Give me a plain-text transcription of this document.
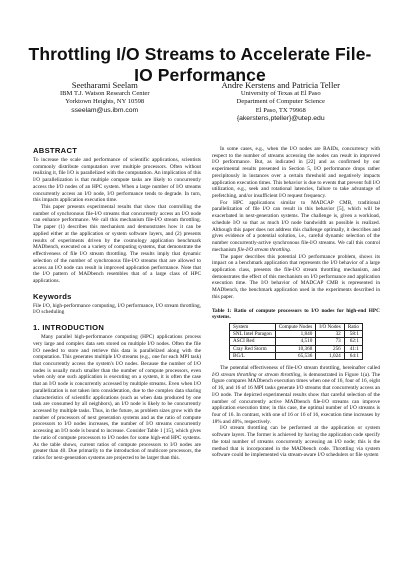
Throttling I/O Streams to Accelerate File-IO Performance
Seetharami Seelam
IBM T.J. Watson Research Center
Yorktown Heights, NY 10598
sseelam@us.ibm.com
Andre Kerstens and Patricia Teller
University of Texas at El Paso
Department of Computer Science
El Paso, TX 79968
{akerstens,pteller}@utep.edu
ABSTRACT

To increase the scale and performance of scientific applications, scientists commonly distribute computation over multiple processors. Often without realizing it, file I/O is parallelized with the computation. An implication of this I/O parallelization is that multiple compute tasks are likely to concurrently access the I/O nodes of an HPC system. When a large number of I/O streams concurrently access an I/O node, I/O performance tends to degrade. In turn, this impacts application execution time.

This paper presents experimental results that show that controlling the number of synchronous file-I/O streams that concurrently access an I/O node can enhance performance. We call this mechanism file-I/O stream throttling. The paper (1) describes this mechanism and demonstrates how it can be applied either at the application or system software layers, and (2) presents results of experiments driven by the cosmology application benchmark MADbench, executed on a variety of computing systems, that demonstrate the effectiveness of file I/O stream throttling. The results imply that dynamic selection of the number of synchronous file-I/O streams that are allowed to access an I/O node can result in improved application performance. Note that the I/O pattern of MADbench resembles that of a large class of HPC applications.

Keywords

File I/O, high-performance computing, I/O performance, I/O stream throttling, I/O scheduling

1. INTRODUCTION

Many parallel high-performance computing (HPC) applications process very large and complex data sets stored on multiple I/O nodes. Often the file I/O needed to store and retrieve this data is parallelized along with the computation. This generates multiple I/O streams (e.g., one for each MPI task) that concurrently access the system's I/O nodes. Because the number of I/O nodes is usually much smaller than the number of compute processors, even when only one such application is executing on a system, it is often the case that an I/O node is concurrently accessed by multiple streams. Even when I/O parallelization is not taken into consideration, due to the complex data sharing characteristics of scientific applications (such as when data produced by one task are consumed by all neighbors), an I/O node is likely to be concurrently accessed by multiple tasks. Thus, in the future, as problem sizes grow with the number of processors of next generation systems and as the ratio of compute processors to I/O nodes increases, the number of I/O streams concurrently accessing an I/O node is bound to increase. Consider Table 1 [15], which gives the ratio of compute processors to I/O nodes for some high-end HPC systems. As the table shows, current ratios of compute processors to I/O nodes are greater than 40. Due primarily to the introduction of multicore processors, the ratios for next-generation systems are projected to be larger than this.

In some cases, e.g., when the I/O nodes are RAIDs, concurrency with respect to the number of streams accessing the nodes can result in improved I/O performance. But, as indicated in [22] and as confirmed by our experimental results presented in Section 5, I/O performance drops rather precipitously in instances over a certain threshold and negatively impacts application execution times. This behavior is due to events that prevent full I/O utilization, e.g., seek and rotational latencies, failure to take advantage of prefetching, and/or insufficient I/O request frequency.

For HPC applications similar to MADCAP CMB, traditional parallelization of file I/O can result in this behavior [5], which will be exacerbated in next-generation systems. The challenge is, given a workload, schedule I/O so that as much I/O node bandwidth as possible is realized. Although this paper does not address this challenge optimally, it describes and gives evidence of a potential solution, i.e., careful dynamic selection of the number concurrently-active synchronous file-I/O streams. We call this control mechanism file-I/O stream throttling.

The paper describes this potential I/O performance problem, shows its impact on a benchmark application that represents the I/O behavior of a large application class, presents the file-I/O stream throttling mechanism, and demonstrates the effect of this mechanism on I/O performance and application execution time. The I/O behavior of MADCAP CMB is represented in MADbench, the benchmark application used in the experiments described in this paper.

Table 1: Ratio of compute processors to I/O nodes for high-end HPC systems.
System	Compute Nodes	I/O Nodes	Ratio
SNL Intel Paragon	1,840	32	58:1
ASCI Red	4,510	73	62:1
Cray Red Storm	10,368	256	41:1
BG/L	65,536	1,024	64:1

The potential effectiveness of file-I/O stream throttling, hereinafter called I/O stream throttling or stream throttling, is demonstrated in Figure 1(a). The figure compares MADbench execution times when one of 16, four of 16, eight of 16, and 16 of 16 MPI tasks generate I/O streams that concurrently access an I/O node. The depicted experimental results show that careful selection of the number of concurrently active MADbench file-I/O streams can improve application execution time; in this case, the optimal number of I/O streams is four of 16. In contrast, with one of 16 or 16 of 16, execution time increases by 18% and 40%, respectively.

I/O stream throttling can be performed at the application or system software layers. The former is achieved by having the application code specify the total number of streams concurrently accessing an I/O node; this is the method that is incorporated in the MADbench code. Throttling via system software could be implemented via stream-aware I/O schedulers or file system
